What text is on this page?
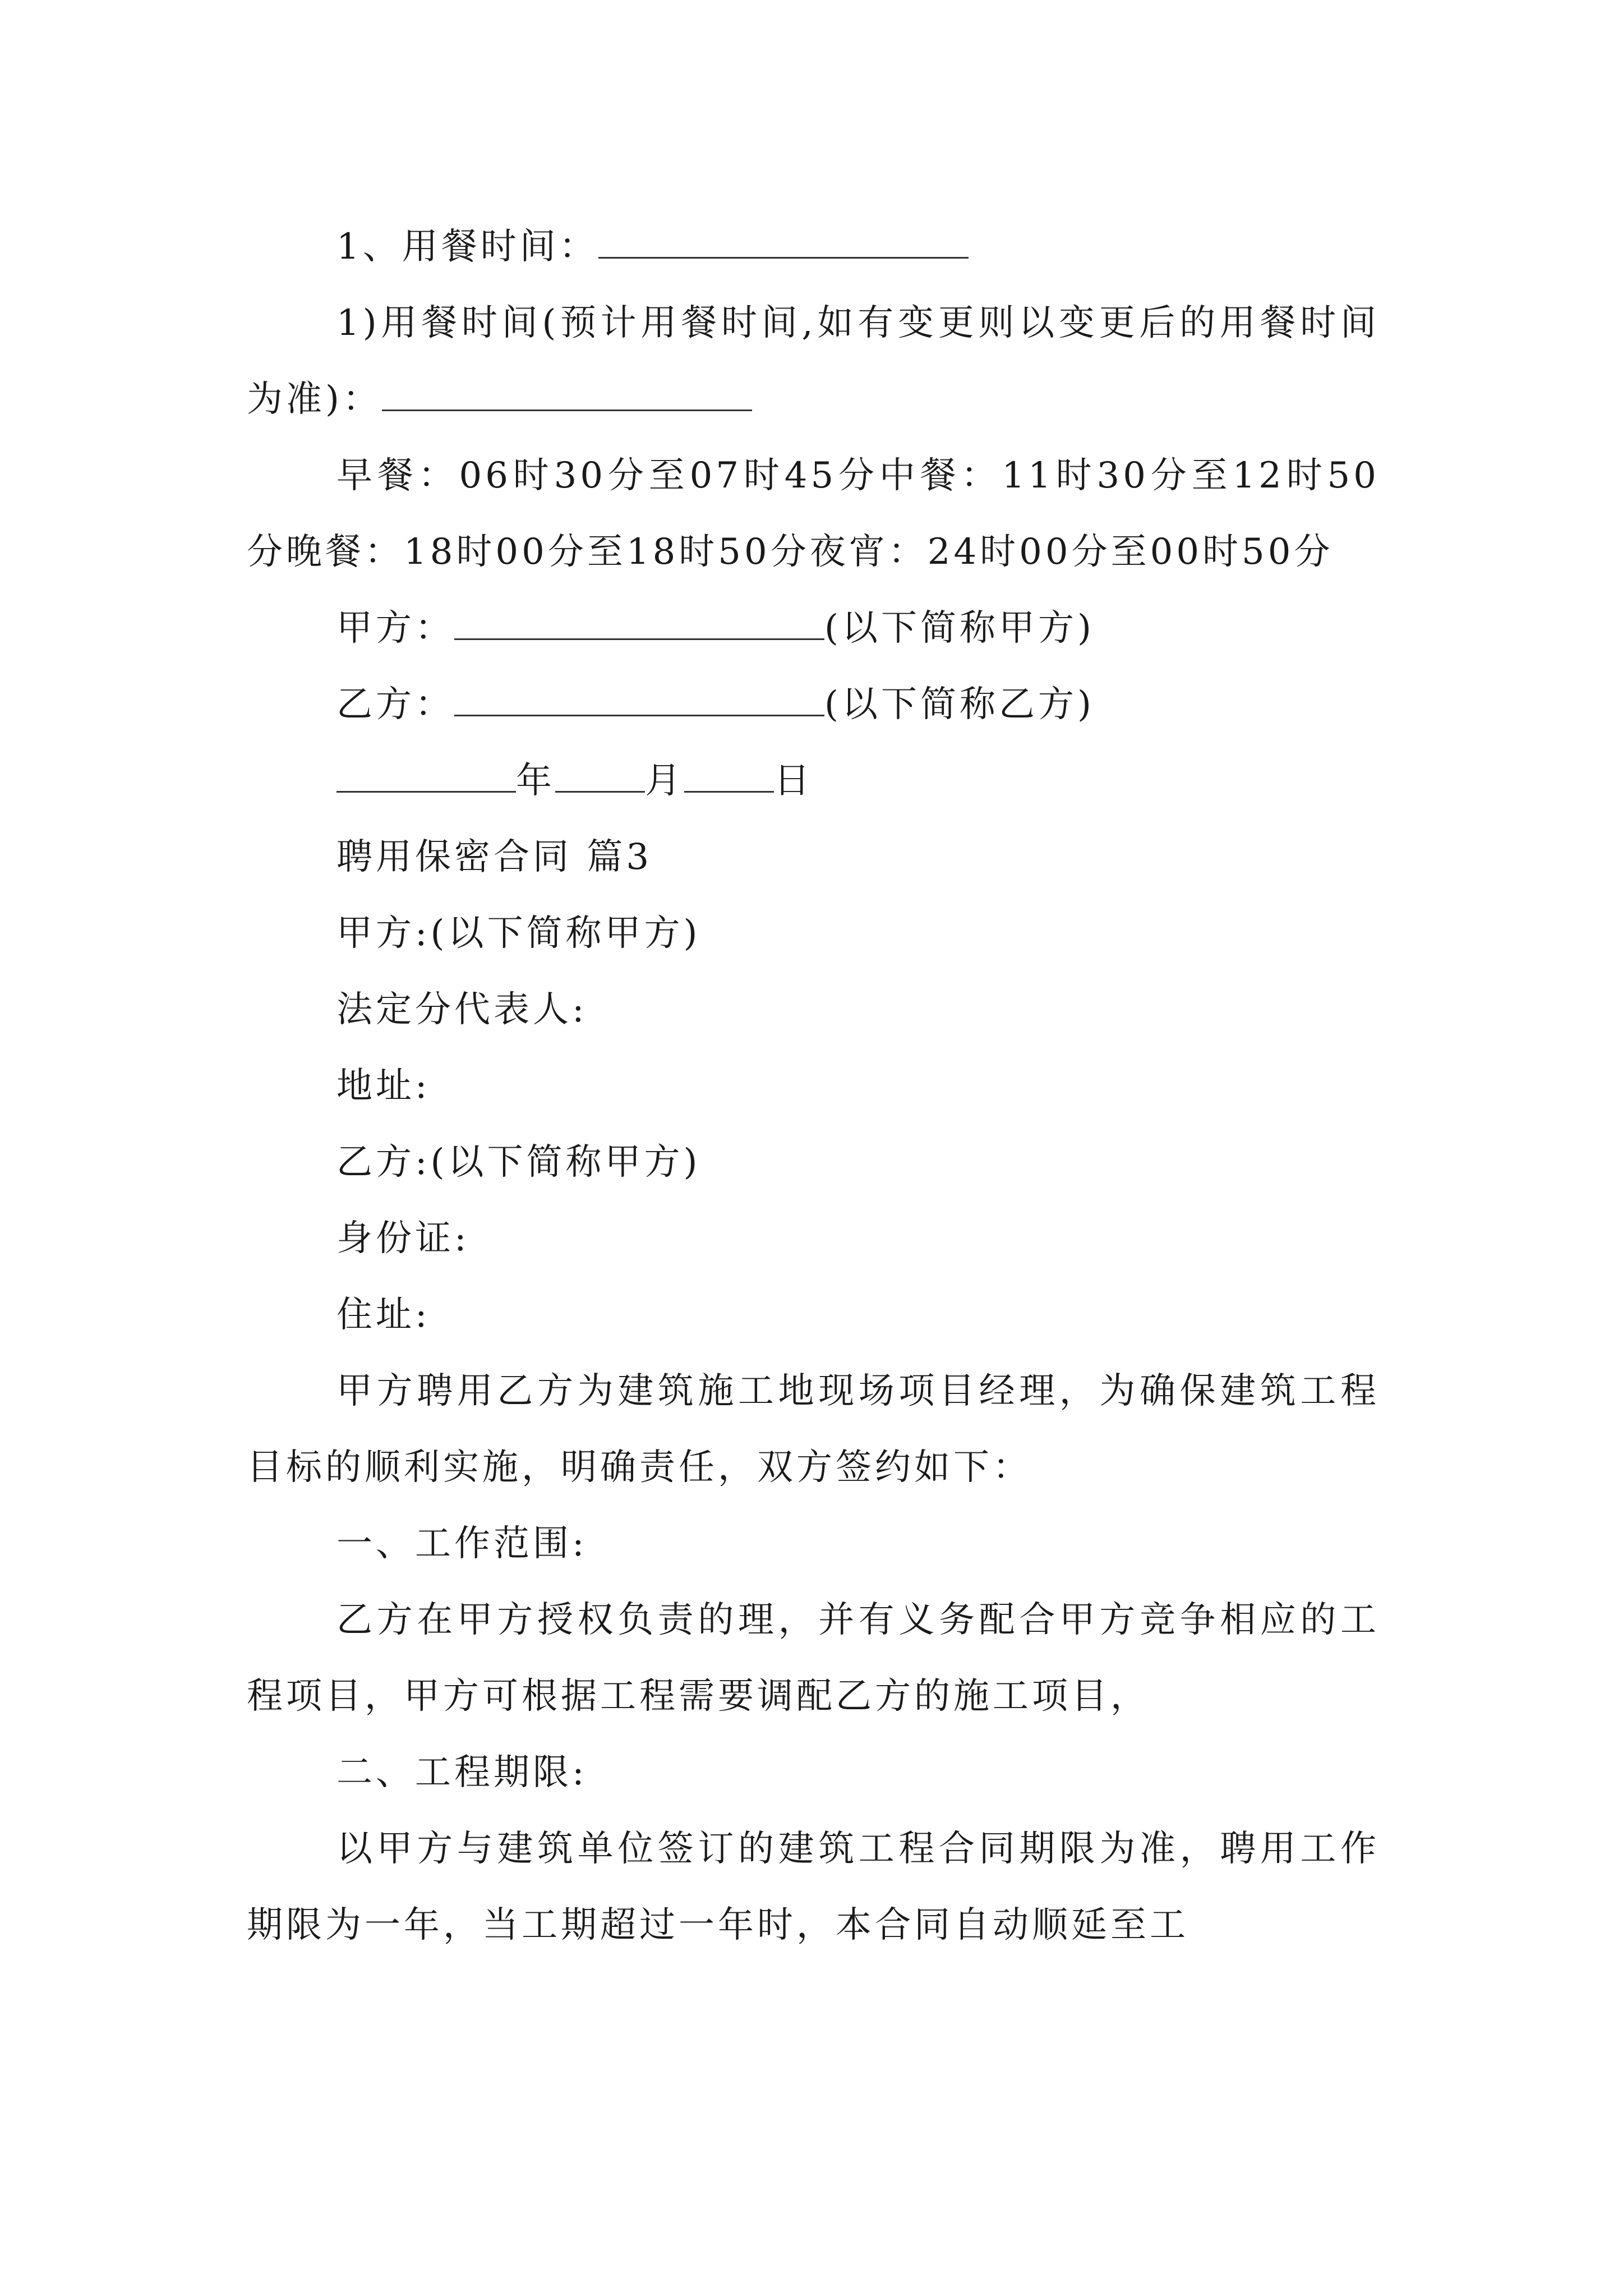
1、用餐时间：

1)用餐时间(预计用餐时间,如有变更则以变更后的用餐时间为准)：

早餐：06时30分至07时45分中餐：11时30分至12时50分晚餐：18时00分至18时50分夜宵：24时00分至00时50分

甲方：	(以下简称甲方)

乙方：	(以下简称乙方)

年	月	日

聘用保密合同 篇3

甲方:(以下简称甲方)

法定分代表人:

地址:

乙方:(以下简称甲方)

身份证:

住址:

甲方聘用乙方为建筑施工地现场项目经理，为确保建筑工程目标的顺利实施，明确责任，双方签约如下：

一、工作范围:

乙方在甲方授权负责的理，并有义务配合甲方竞争相应的工程项目，甲方可根据工程需要调配乙方的施工项目，

二、工程期限:

以甲方与建筑单位签订的建筑工程合同期限为准，聘用工作期限为一年，当工期超过一年时，本合同自动顺延至工
